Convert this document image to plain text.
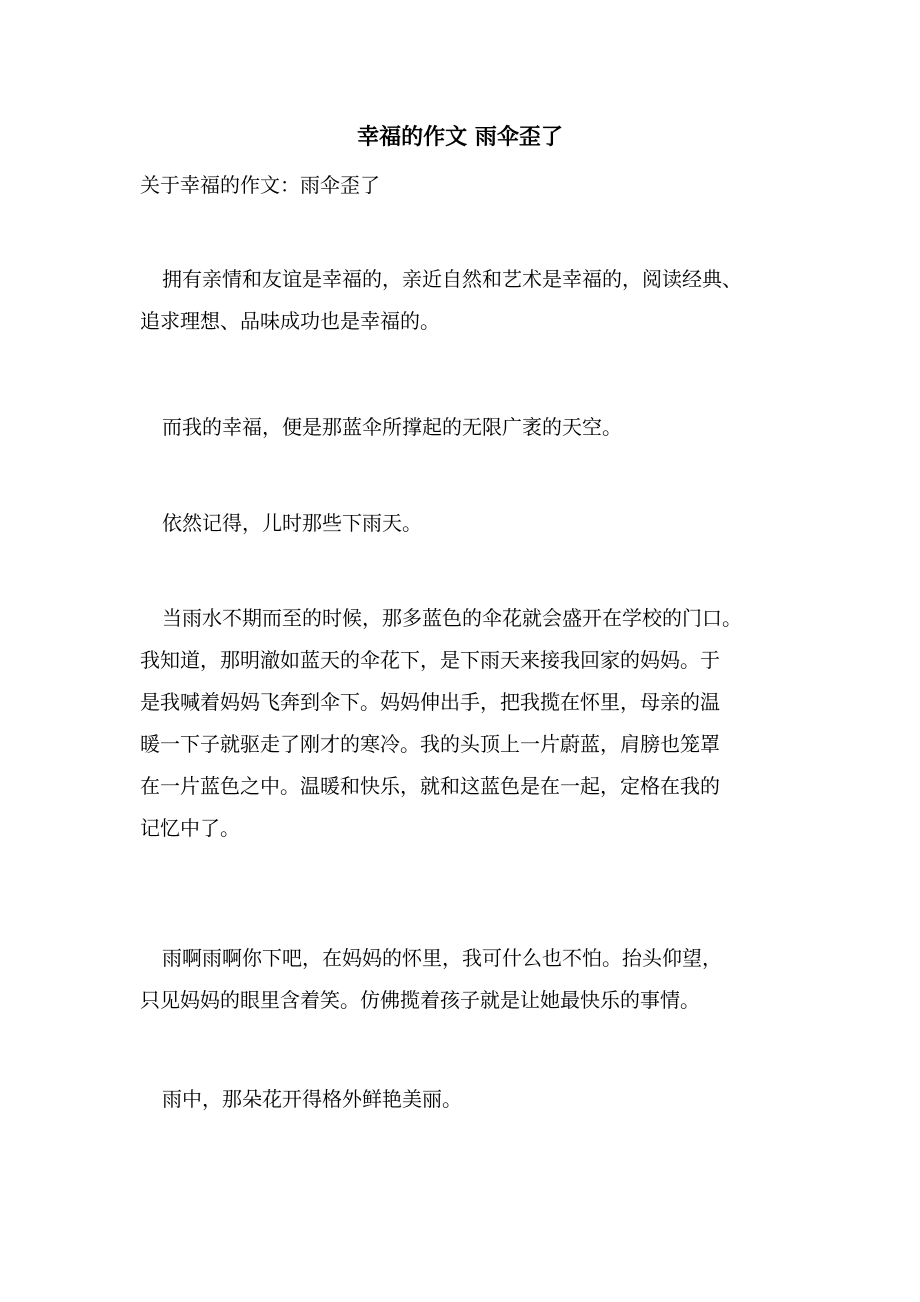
幸福的作文 雨伞歪了
关于幸福的作文：雨伞歪了

拥有亲情和友谊是幸福的，亲近自然和艺术是幸福的，阅读经典、
追求理想、品味成功也是幸福的。

而我的幸福，便是那蓝伞所撑起的无限广袤的天空。

依然记得，儿时那些下雨天。

当雨水不期而至的时候，那多蓝色的伞花就会盛开在学校的门口。
我知道，那明澈如蓝天的伞花下，是下雨天来接我回家的妈妈。于
是我喊着妈妈飞奔到伞下。妈妈伸出手，把我揽在怀里，母亲的温
暖一下子就驱走了刚才的寒冷。我的头顶上一片蔚蓝，肩膀也笼罩
在一片蓝色之中。温暖和快乐，就和这蓝色是在一起，定格在我的
记忆中了。

雨啊雨啊你下吧，在妈妈的怀里，我可什么也不怕。抬头仰望，
只见妈妈的眼里含着笑。仿佛揽着孩子就是让她最快乐的事情。

雨中，那朵花开得格外鲜艳美丽。
